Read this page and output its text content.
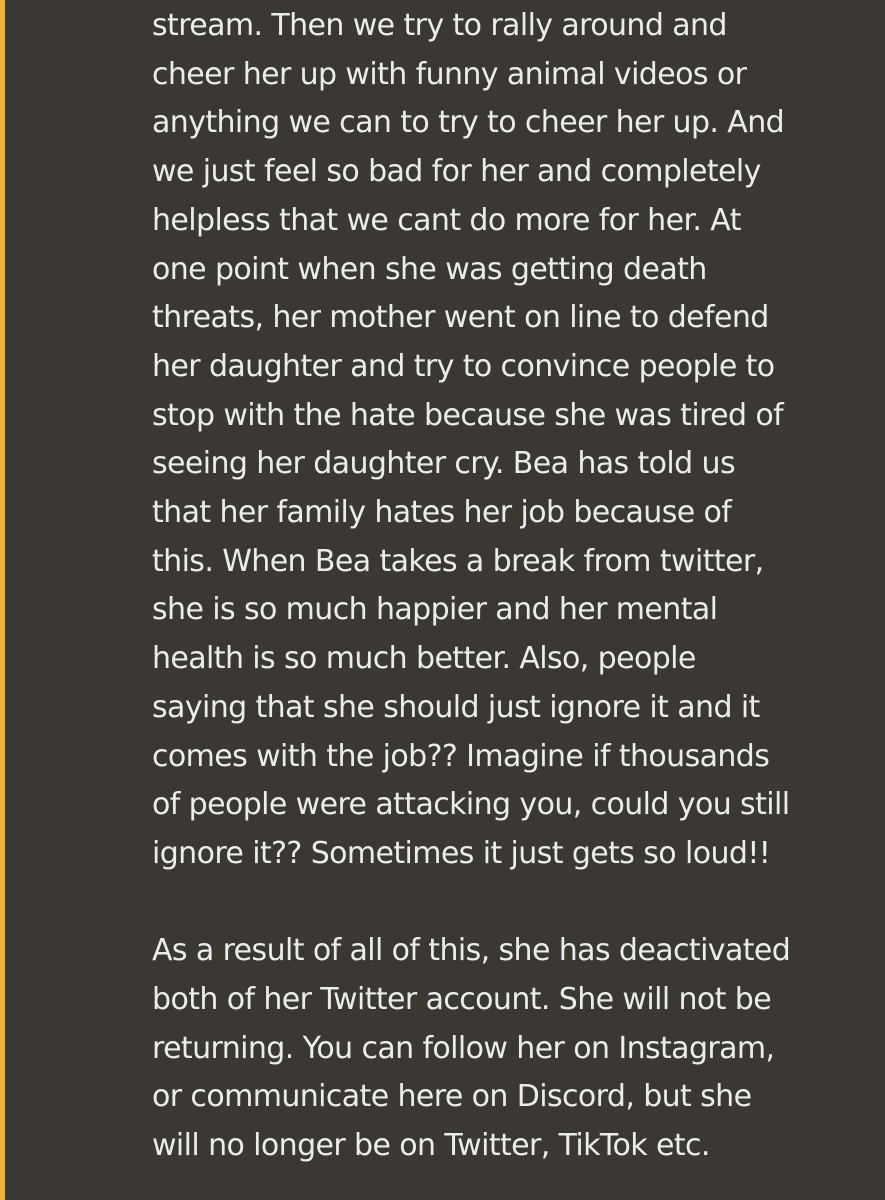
stream. Then we try to rally around and
cheer her up with funny animal videos or
anything we can to try to cheer her up. And
we just feel so bad for her and completely
helpless that we cant do more for her. At
one point when she was getting death
threats, her mother went on line to defend
her daughter and try to convince people to
stop with the hate because she was tired of
seeing her daughter cry. Bea has told us
that her family hates her job because of
this. When Bea takes a break from twitter,
she is so much happier and her mental
health is so much better. Also, people
saying that she should just ignore it and it
comes with the job?? Imagine if thousands
of people were attacking you, could you still
ignore it?? Sometimes it just gets so loud!!
As a result of all of this, she has deactivated
both of her Twitter account. She will not be
returning. You can follow her on Instagram,
or communicate here on Discord, but she
will no longer be on Twitter, TikTok etc.
